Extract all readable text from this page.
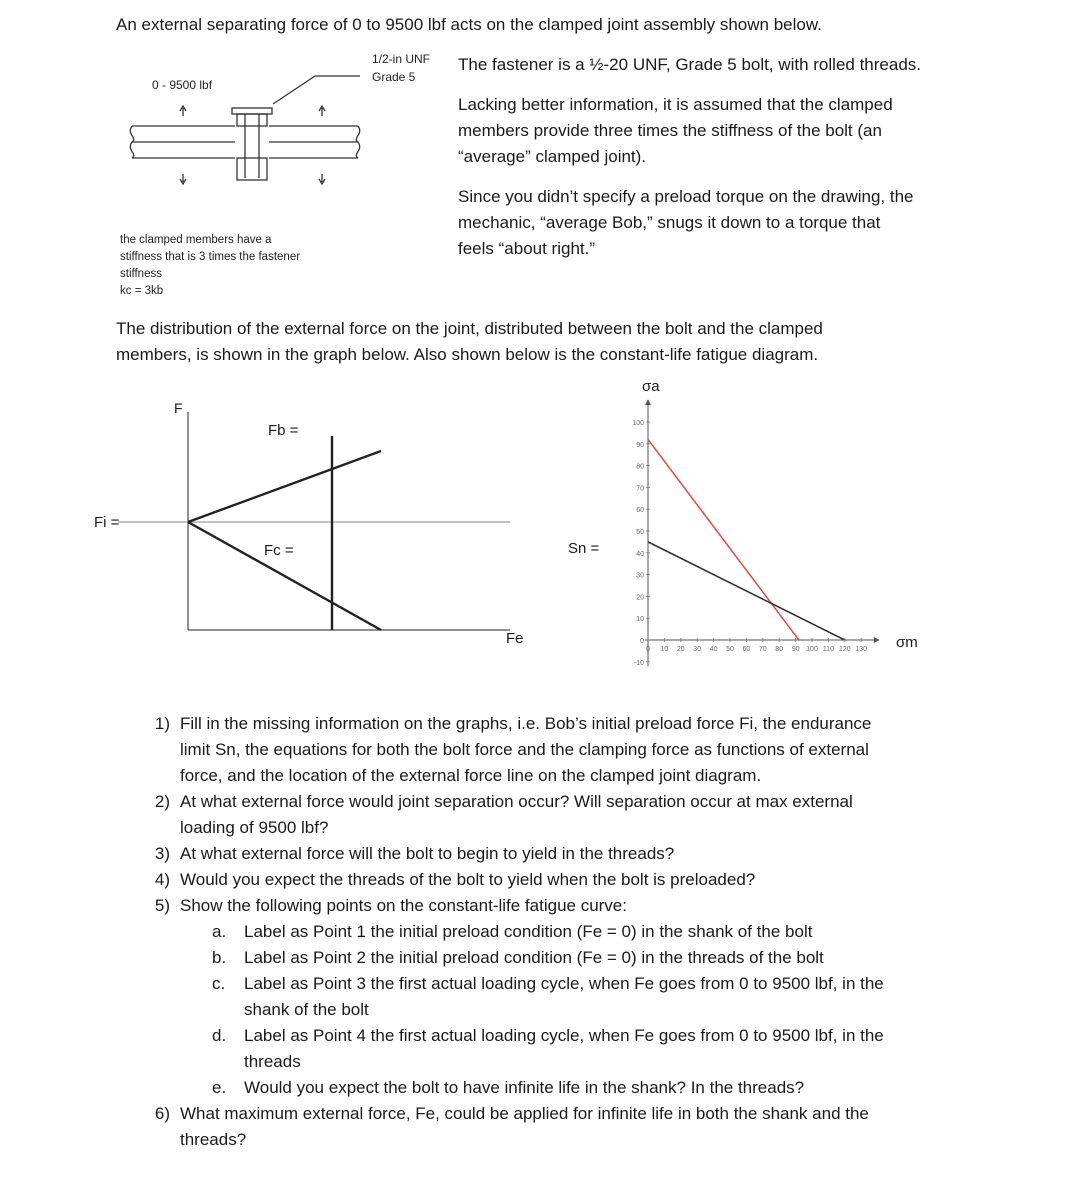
An external separating force of 0 to 9500 lbf acts on the clamped joint assembly shown below.
0 - 9500 lbf
1/2-in UNF
Grade 5
the clamped members have a
stiffness that is 3 times the fastener
stiffness
kc = 3kb
The fastener is a ½-20 UNF, Grade 5 bolt, with rolled threads.
Lacking better information, it is assumed that the clamped
members provide three times the stiffness of the bolt (an
“average” clamped joint).
Since you didn’t specify a preload torque on the drawing, the
mechanic, “average Bob,” snugs it down to a torque that
feels “about right.”
The distribution of the external force on the joint, distributed between the bolt and the clamped
members, is shown in the graph below. Also shown below is the constant-life fatigue diagram.
F
Fb =
Fc =
Fi =
Fe
-10
0
10
20
30
40
50
60
70
80
90
100
0 10 20 30 40 50 60 70 80 90 100 110 120 130
Sn =
σa
σm
1) Fill in the missing information on the graphs, i.e. Bob’s initial preload force Fi, the endurance
limit Sn, the equations for both the bolt force and the clamping force as functions of external
force, and the location of the external force line on the clamped joint diagram.
2) At what external force would joint separation occur? Will separation occur at max external
loading of 9500 lbf?
3) At what external force will the bolt to begin to yield in the threads?
4) Would you expect the threads of the bolt to yield when the bolt is preloaded?
5) Show the following points on the constant-life fatigue curve:
a. Label as Point 1 the initial preload condition (Fe = 0) in the shank of the bolt
b. Label as Point 2 the initial preload condition (Fe = 0) in the threads of the bolt
c. Label as Point 3 the first actual loading cycle, when Fe goes from 0 to 9500 lbf, in the
shank of the bolt
d. Label as Point 4 the first actual loading cycle, when Fe goes from 0 to 9500 lbf, in the
threads
e. Would you expect the bolt to have infinite life in the shank? In the threads?
6) What maximum external force, Fe, could be applied for infinite life in both the shank and the
threads?
